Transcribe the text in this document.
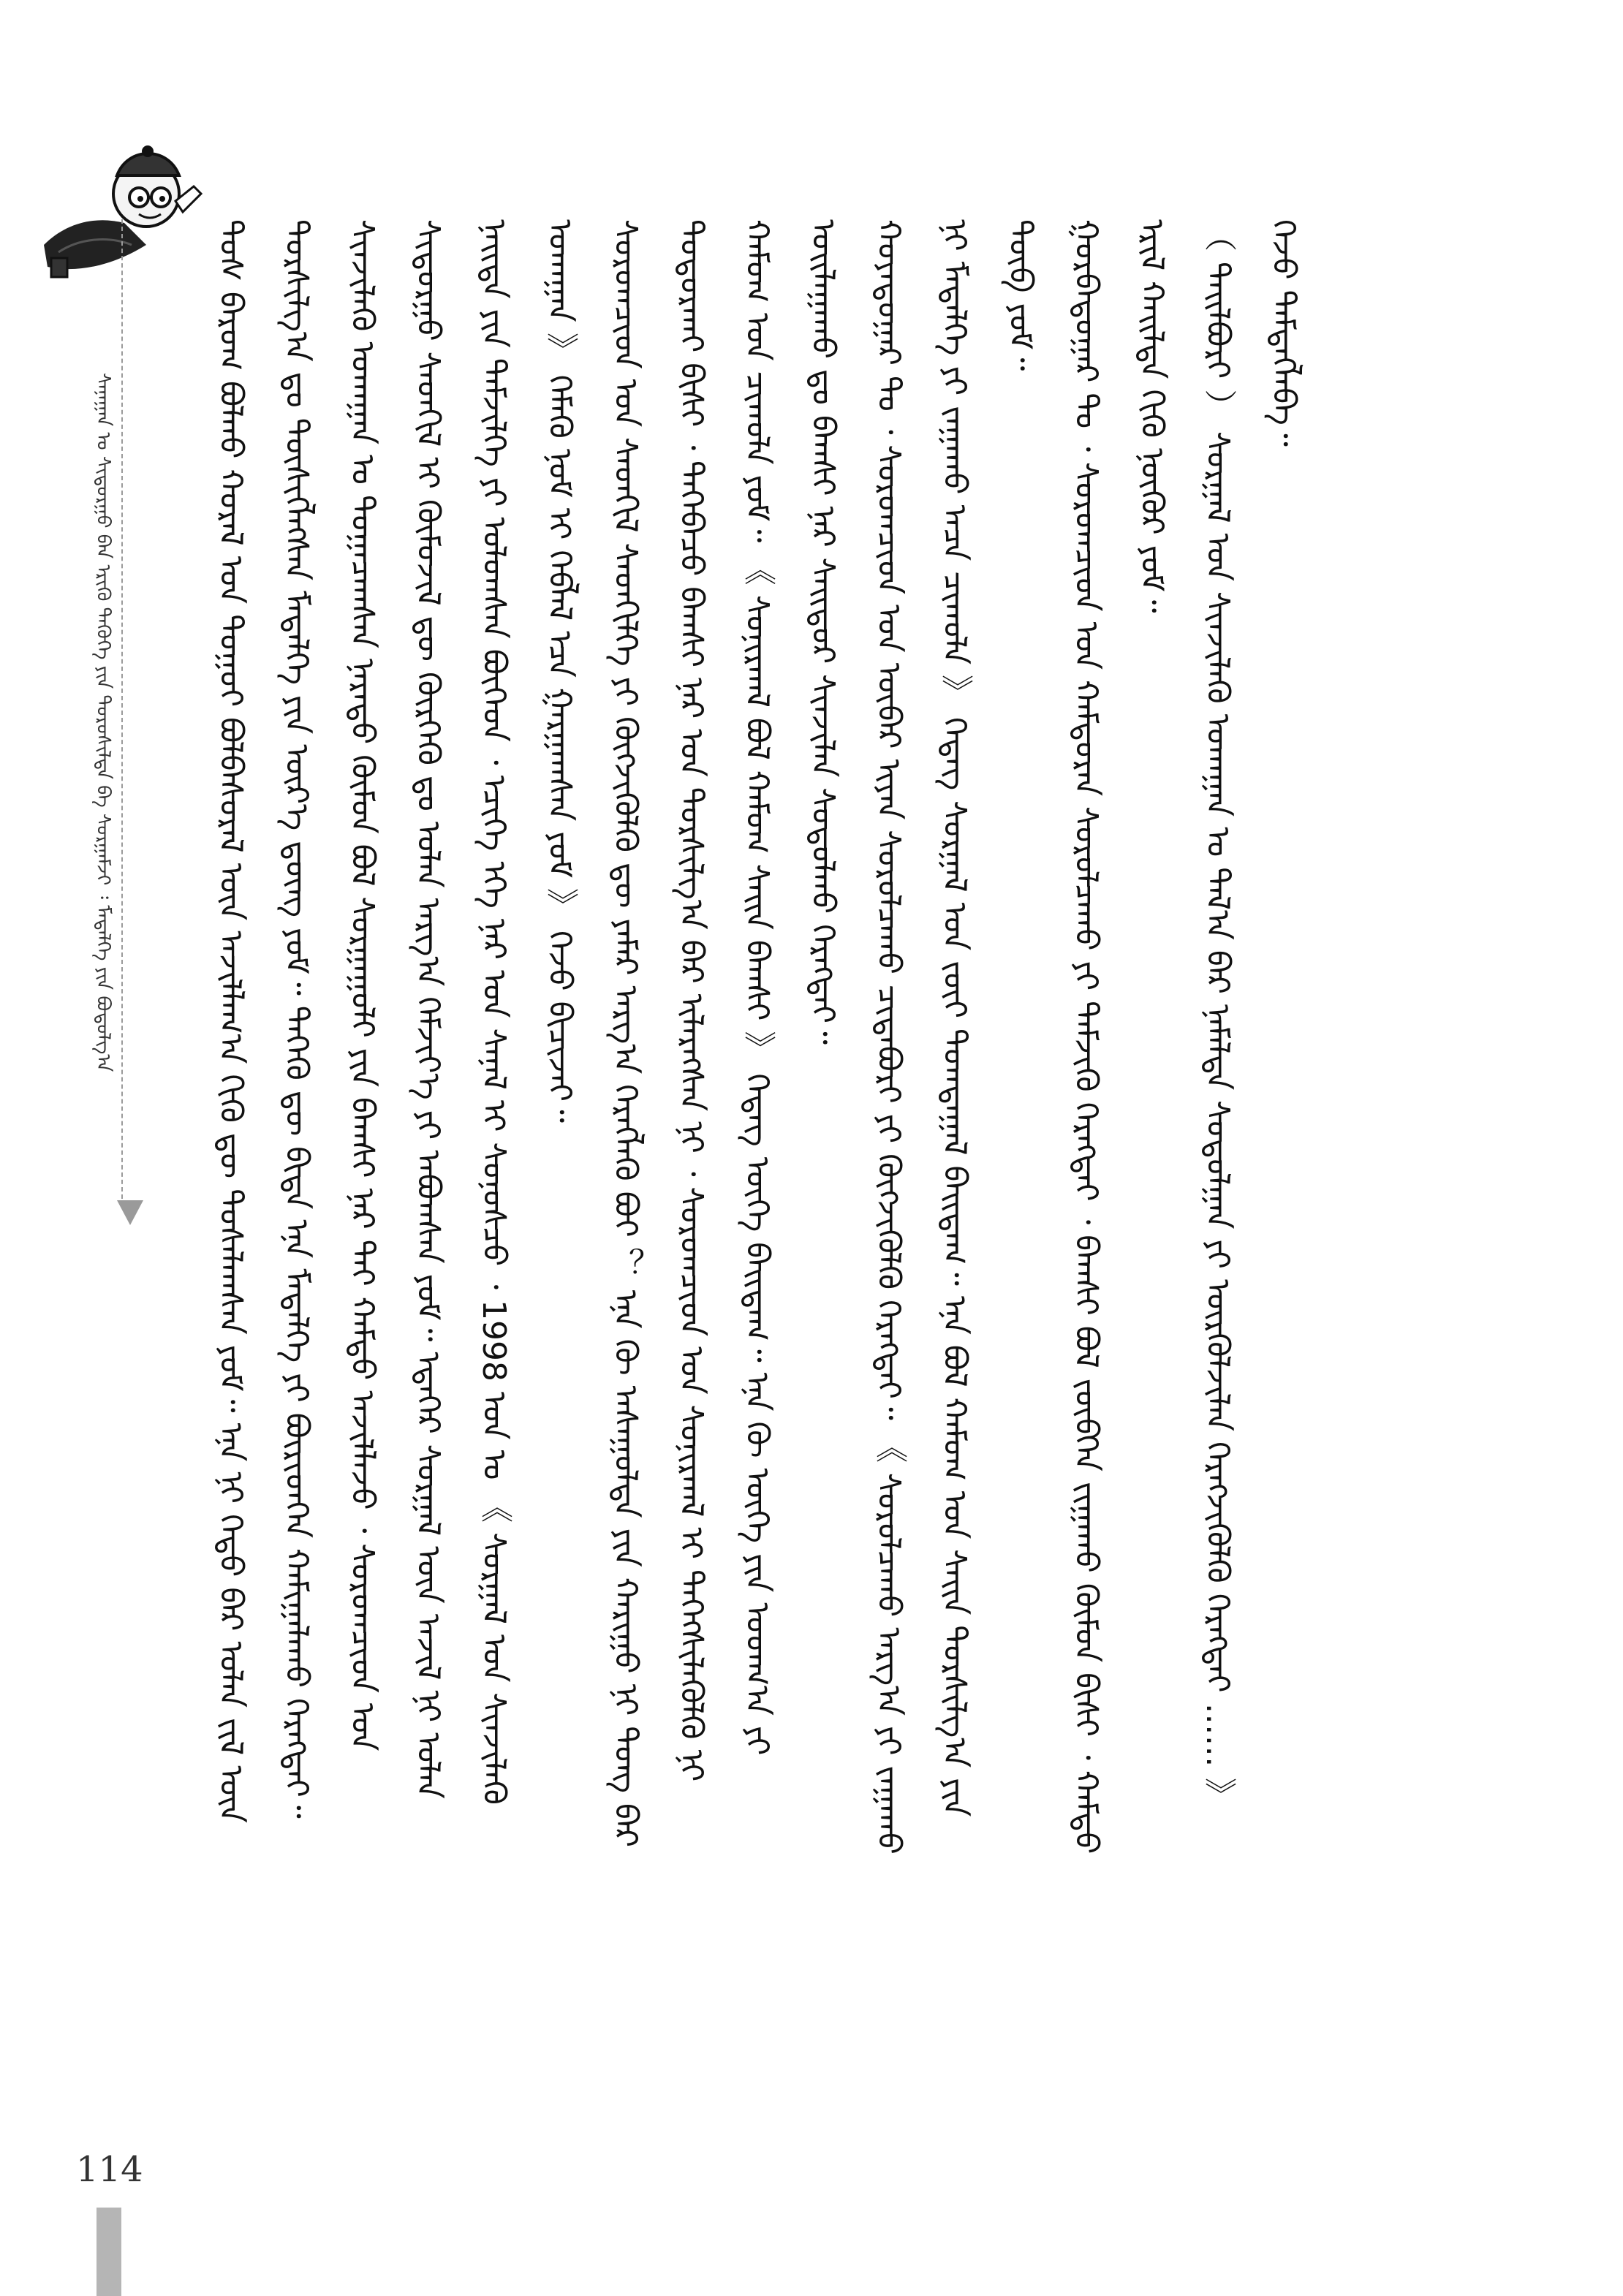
ᠰᠠᠨᠠᠭᠠᠨ ᠤ ᠰᠢᠳᠤᠷᠭᠤ ᠪᠠᠨ ᠡᠷᠢᠬᠦ ᠲᠡᠭᠦᠬᠡ ᠶᠢᠨ ᠲᠤᠷᠤᠰᠢᠯᠲᠠ ᠪᠠ ᠰᠤᠷᠭᠠᠮᠵᠢ ᠄ ᠮᠡᠳᠡᠯᠭᠡ ᠶᠢᠨ ᠪᠤᠳᠤᠯᠭ᠎ᠠ	ᠲᠤᠰ ᠪᠠᠷᠤᠭ ᠪᠤᠯᠬᠤ ᠬᠤᠷᠠᠯ ᠤᠨ ᠳᠤᠭᠤᠢ ᠪᠤᠯᠪᠠᠰᠤᠷᠠᠯ ᠦᠨ ᠠᠵᠢᠯᠯᠠᠭ᠎ᠠ ᠬᠢᠬᠦ ᠳᠦ ᠲᠤᠰᠠᠯᠠᠭᠰᠠᠨ ᠶᠤᠮ᠃ ᠡᠨᠡ ᠨᠢ ᠬᠡᠳᠦ ᠪᠡᠷ ᠤᠯᠠᠨ ᠵᠢᠯ ᠦᠨ ᠲᠤᠷᠰᠢᠯᠭ᠎ᠠ ᠳᠤ ᠲᠦᠰᠢᠭᠯᠡᠭᠰᠡᠨ ᠮᠡᠳᠡᠯᠭᠡ ᠶᠢᠨ ᠦᠷ᠎ᠡ ᠳ᠋ᠦᠩ ᠶᠤᠮ᠃ ᠲᠡᠭᠡᠬᠦ ᠳᠦ ᠪᠢᠳᠡ ᠡᠨᠡ ᠮᠡᠳᠡᠯᠭᠡ ᠶᠢ ᠪᠦᠷᠢᠳᠬᠡᠨ ᠬᠠᠮᠢᠭᠠᠯᠠᠬᠤ ᠬᠡᠷᠡᠭᠲᠡᠢ᠃ ᠰᠢᠨᠵᠢᠯᠡᠬᠦ ᠤᠬᠠᠭᠠᠨ ᠤ ᠲᠤᠭᠠᠴᠠᠭᠰᠠᠨ ᠨᠡᠷᠡᠲᠦ ᠬᠦᠮᠦᠨ ᠪᠤᠯ ᠰᠤᠷᠭᠠᠭᠤᠯᠢ ᠶᠢᠨ ᠪᠠᠭᠰᠢ ᠨᠠᠷ ᠲᠠᠢ ᠬᠠᠮᠲᠤ ᠠᠵᠢᠯᠯᠠᠵᠤ ᠂ ᠰᠤᠷᠤᠭᠴᠢᠳ ᠤᠨ ᠰᠢᠳᠤᠷᠭᠤ ᠰᠡᠳᠬᠢᠯ ᠢ ᠬᠦᠮᠦᠵᠢᠯ ᠳᠦ ᠬᠦᠷᠭᠡᠬᠦ ᠳᠤ ᠤᠯᠠᠨ ᠠᠷᠭ᠎ᠠ ᠬᠡᠮᠵᠢᠶ᠎ᠡ ᠶᠢ ᠠᠪᠤᠭᠰᠠᠨ ᠶᠤᠮ᠃ ᠡᠳᠡᠭᠡᠷ ᠰᠤᠷᠭᠠᠯ ᠦᠨ ᠠᠵᠢᠯ ᠨᠢ ᠣᠯᠠᠨ ᠨᠡᠢᠲᠡ ᠶᠢᠨ ᠳᠡᠮᠵᠢᠯᠭᠡ ᠶᠢ ᠣᠯᠤᠭᠰᠠᠨ ᠪᠦᠭᠡᠳ ᠂ ᠡᠴᠢᠭᠡ ᠡᠬᠡ ᠨᠠᠷ ᠤᠨ ᠰᠠᠨᠠᠯ ᠢ ᠰᠣᠨᠣᠰᠴᠤ ᠂ 1998 ᠣᠨ ᠤ 《 ᠰᠤᠷᠭᠠᠯ ᠤᠨ ᠰᠢᠨᠵᠢᠯᠡᠬᠦ ᠤᠬᠠᠭᠠᠨ 》 ᠬᠡᠮᠡᠬᠦ ᠨᠣᠮ ᠢ ᠬᠡᠪᠯᠡᠯ ᠡᠴᠡ ᠭᠠᠷᠭᠠᠭᠰᠠᠨ ᠶᠤᠮ 》 ᠭᠡᠵᠦ ᠪᠢᠴᠢᠵᠡᠢ᠃ ᠰᠤᠷᠤᠭᠴᠢᠳ ᠤᠨ ᠰᠡᠳᠬᠢᠯ ᠰᠡᠳᠬᠢᠯᠭᠡ ᠶᠢ ᠬᠦᠭᠵᠢᠭᠦᠯᠬᠦ ᠳᠦ ᠶᠠᠮᠠᠷ ᠠᠷᠭ᠎ᠠ ᠬᠡᠷᠡᠭᠯᠡᠬᠦ ᠪᠤᠢ ？ ᠡᠨᠡ ᠬᠦ ᠠᠰᠠᠭᠤᠯᠲᠠ ᠶᠢᠨ ᠬᠠᠷᠢᠭᠤ ᠨᠢ ᠲᠤᠩ ᠪᠡᠷ ᠲᠣᠳᠣᠷᠬᠠᠢ ᠪᠢᠰᠢ ᠂ ᠲᠡᠭᠡᠪᠡᠴᠦ ᠪᠠᠭᠰᠢ ᠨᠠᠷ ᠤᠨ ᠲᠤᠷᠰᠢᠯᠭ᠎ᠠ ᠪᠠᠷ ᠢᠯᠡᠷᠡᠭᠰᠡᠨ ᠨᠢ ᠂ ᠰᠤᠷᠤᠭᠴᠢᠳ ᠤᠨ ᠰᠤᠨᠢᠷᠬᠠᠯ ᠢ ᠳᠡᠭᠡᠭᠰᠢᠯᠡᠭᠦᠯᠬᠦ ᠨᠢ ᠬᠠᠮᠤᠭ ᠤᠨ ᠴᠢᠬᠤᠯᠠ ᠶᠤᠮ᠃ 《 ᠰᠣᠨᠢᠷᠬᠠᠯ ᠪᠣᠯ ᠬᠠᠮᠤᠭ ᠰᠠᠢᠨ ᠪᠠᠭᠰᠢ 》 ᠭᠡᠳᠡᠭ ᠦᠭᠡ ᠪᠠᠢᠳᠠᠭ᠃ ᠡᠨᠡ ᠬᠦ ᠦᠭᠡ ᠶᠢᠨ ᠤᠳᠬ᠎ᠠ ᠶᠢ ᠣᠢᠯᠠᠭᠠᠬᠤ ᠳᠤ ᠪᠠᠭᠰᠢ ᠨᠠᠷ ᠰᠠᠢᠲᠤᠷ ᠰᠢᠨᠵᠢᠯᠡᠨ ᠰᠤᠳᠤᠯᠬᠤ ᠬᠡᠷᠡᠭᠲᠡᠢ᠃ ᠬᠣᠶᠠᠳᠤᠭᠠᠷ ᠲᠤ ᠂ ᠰᠤᠷᠤᠭᠴᠢᠳ ᠤᠨ ᠥᠪᠡᠷ ᠢᠶᠡᠨ ᠰᠤᠷᠤᠯᠴᠠᠬᠤ ᠴᠢᠳᠠᠪᠤᠷᠢ ᠶᠢ ᠬᠥᠭᠵᠢᠭᠦᠯᠬᠦ ᠬᠡᠷᠡᠭᠲᠡᠢ᠃ 《 ᠰᠤᠷᠤᠯᠴᠠᠬᠤ ᠠᠷᠭ᠎ᠠ ᠶᠢ ᠵᠠᠭᠠᠬᠤ ᠨᠢ ᠮᠡᠳᠡᠯᠭᠡ ᠶᠢ ᠵᠠᠭᠠᠬᠤ ᠠᠴᠠ ᠴᠢᠬᠤᠯᠠ 》 ᠭᠡᠳᠡᠭ ᠰᠤᠷᠭᠠᠯ ᠤᠨ ᠵᠦᠢ ᠲᠣᠭᠲᠠᠭᠠᠯ ᠪᠠᠢᠳᠠᠭ᠃ ᠡᠨᠡ ᠪᠣᠯ ᠬᠠᠮᠤᠭ ᠤᠨ ᠰᠠᠢᠨ ᠲᠤᠷᠰᠢᠯᠭ᠎ᠠ ᠶᠢᠨ ᠲᠥᠪ ᠶᠤᠮ᠃ ᠭᠤᠷᠪᠠᠳᠤᠭᠠᠷ ᠲᠤ ᠂ ᠰᠤᠷᠤᠭᠴᠢᠳ ᠤᠨ ᠬᠠᠮᠲᠤᠷᠠᠨ ᠰᠤᠷᠤᠯᠴᠠᠬᠤ ᠶᠢ ᠳᠡᠮᠵᠢᠬᠦ ᠬᠡᠷᠡᠭᠲᠡᠢ ᠂ ᠪᠠᠭᠰᠢ ᠪᠣᠯ ᠵᠥᠪᠬᠡᠨ ᠵᠢᠭᠠᠬᠤ ᠬᠦᠮᠦᠨ ᠪᠢᠰᠢ ᠂ ᠬᠠᠮᠲᠤ ᠡᠷᠢᠯ ᠬᠠᠢᠯᠲᠠ ᠬᠢᠬᠦ ᠨᠥᠬᠥᠷ ᠶᠤᠮ᠃ （ ᠲᠠᠢᠯᠪᠤᠷᠢ ） ᠰᠤᠷᠭᠠᠯ ᠤᠨ ᠰᠢᠨᠵᠢᠯᠡᠬᠦ ᠤᠬᠠᠭᠠᠨ ᠤ ᠲᠠᠯ᠎ᠠ ᠪᠠᠷ ᠨᠡᠮᠡᠯᠲᠡ ᠰᠤᠳᠤᠯᠭᠠᠨ ᠶᠢ ᠦᠷᠭᠦᠯᠵᠢᠯᠡᠨ ᠬᠡᠷᠡᠭᠵᠢᠭᠦᠯᠬᠦ ᠬᠡᠷᠡᠭᠲᠡᠢ …… 》 ᠭᠡᠵᠦ ᠲᠡᠮᠳᠡᠭᠯᠡᠪᠡ᠃

114
